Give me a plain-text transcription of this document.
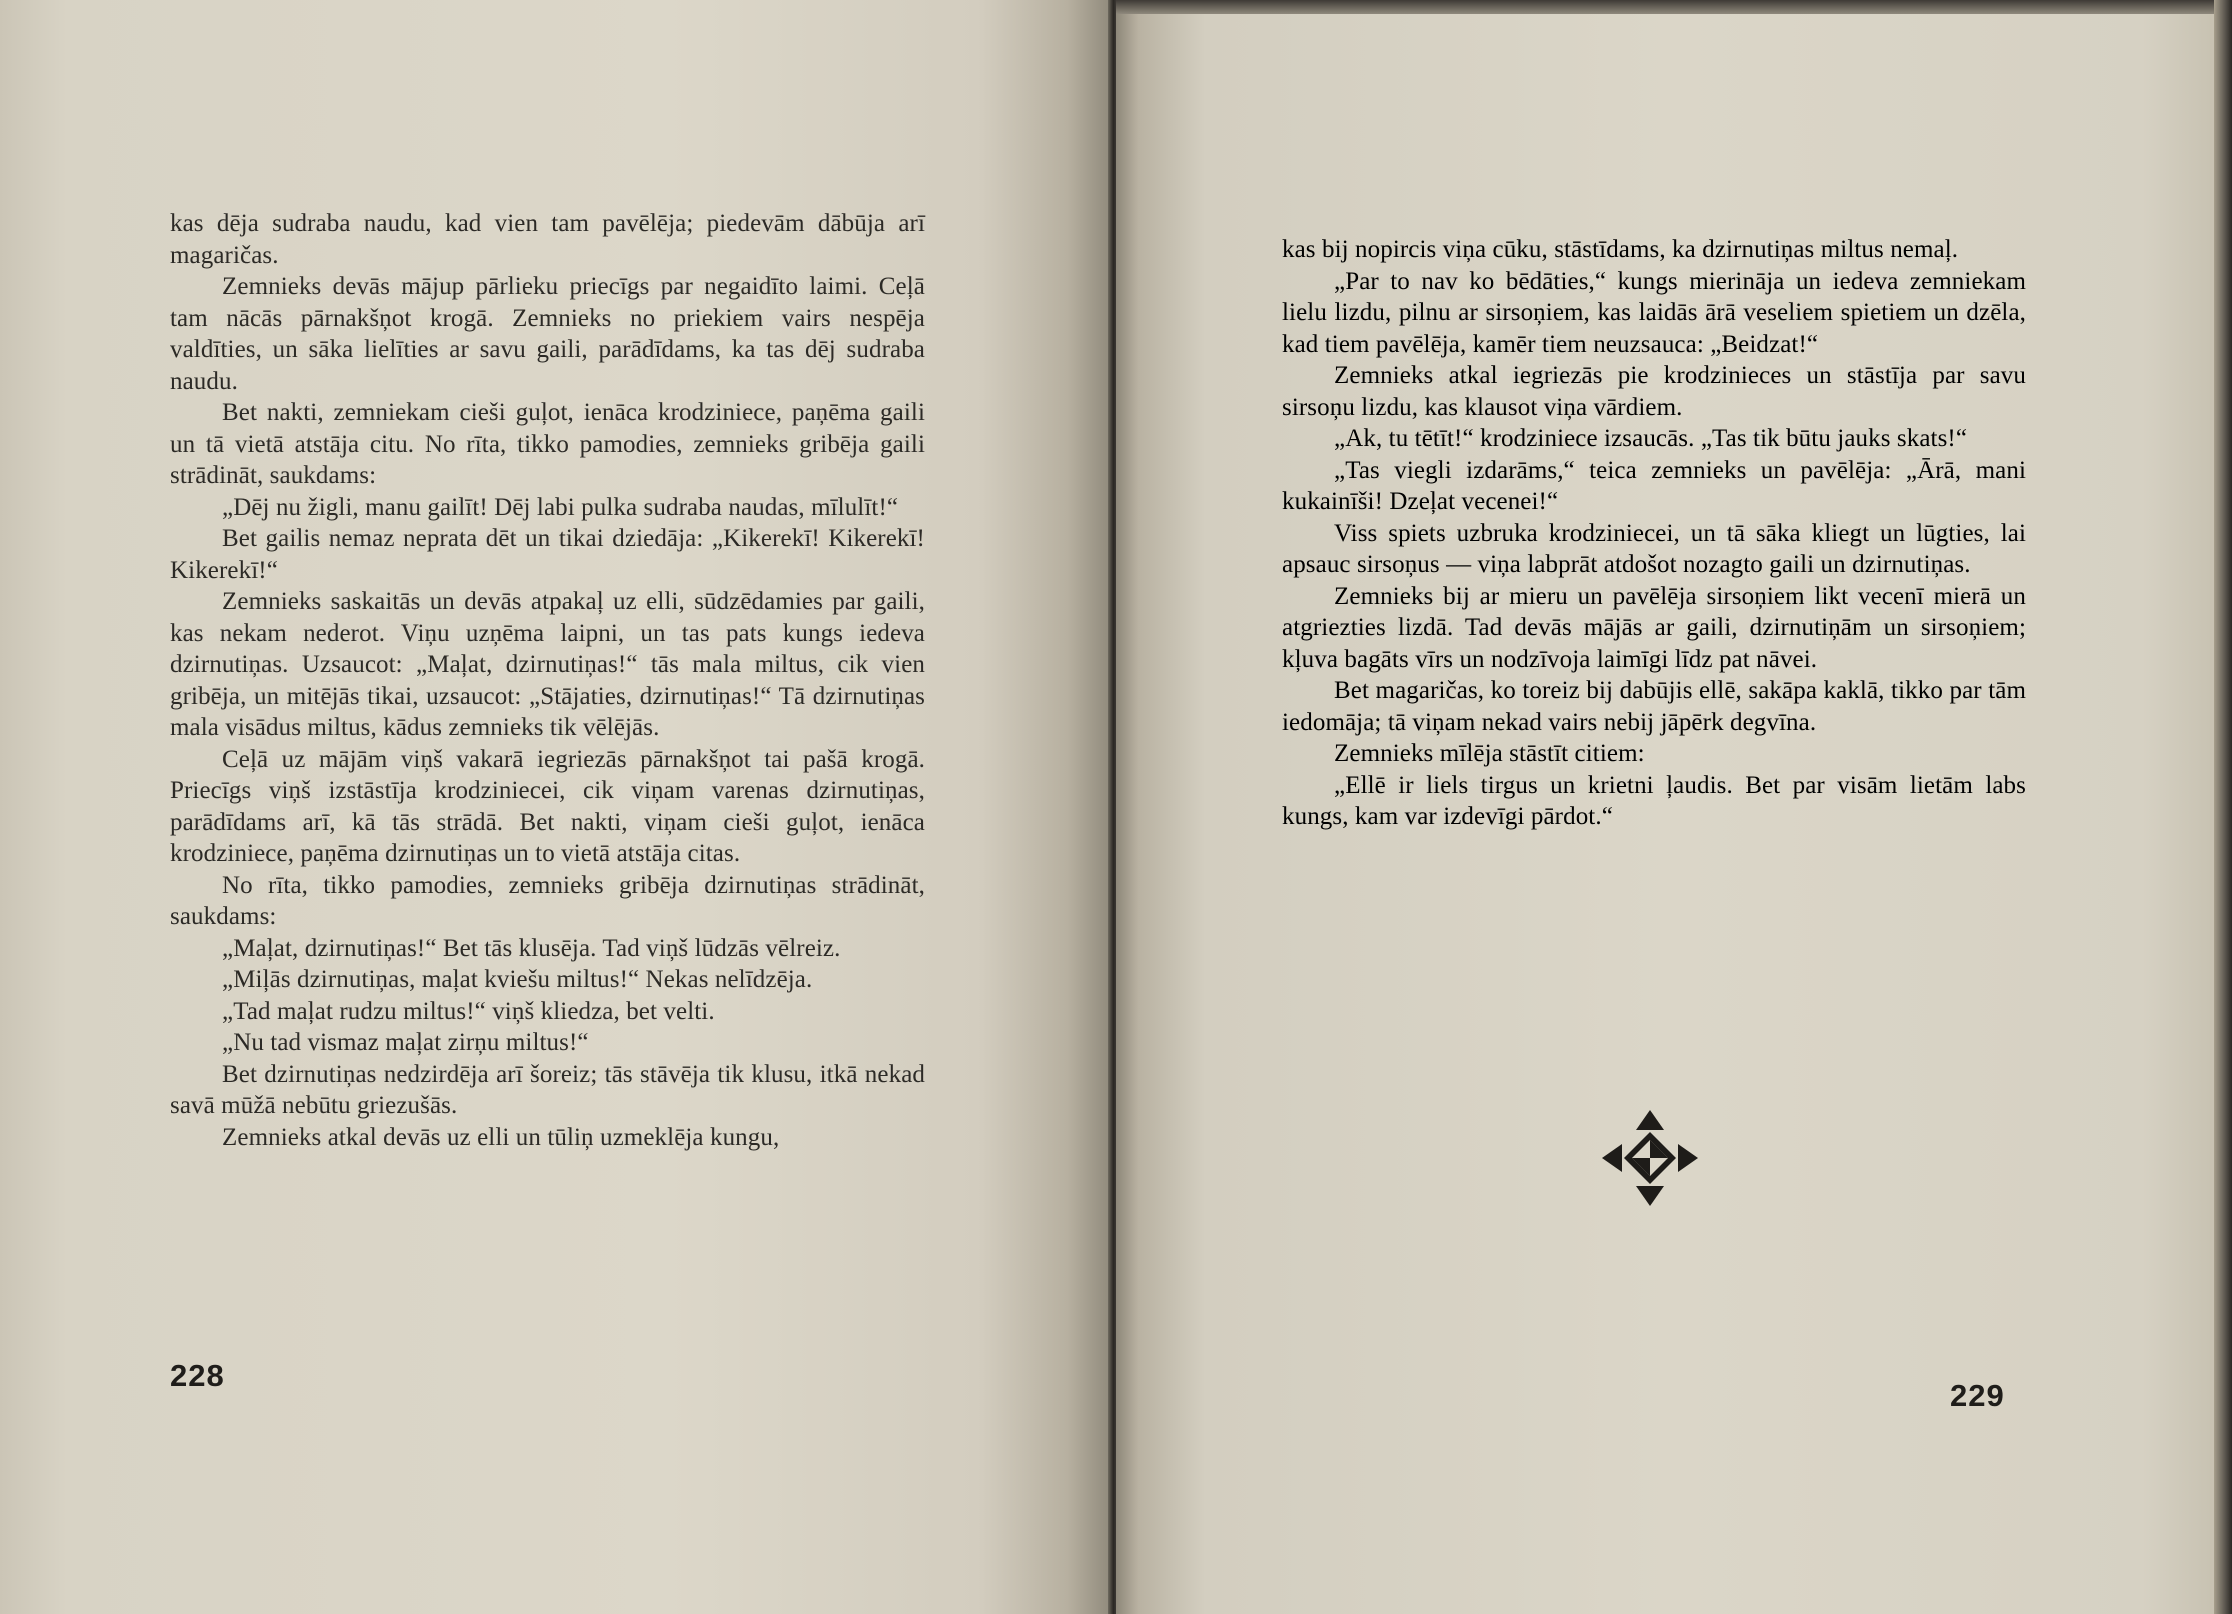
kas dēja sudraba naudu, kad vien tam pavēlēja; piedevām dābūja arī magaričas.

Zemnieks devās mājup pārlieku priecīgs par negaidīto laimi. Ceļā tam nācās pārnakšņot krogā. Zemnieks no priekiem vairs nespēja valdīties, un sāka lielīties ar savu gaili, parādīdams, ka tas dēj sudraba naudu.

Bet nakti, zemniekam cieši guļot, ienāca krodziniece, paņēma gaili un tā vietā atstāja citu. No rīta, tikko pamodies, zemnieks gribēja gaili strādināt, saukdams:

„Dēj nu žigli, manu gailīt! Dēj labi pulka sudraba naudas, mīlulīt!“

Bet gailis nemaz neprata dēt un tikai dziedāja: „Kikerekī! Kikerekī! Kikerekī!“

Zemnieks saskaitās un devās atpakaļ uz elli, sūdzēdamies par gaili, kas nekam nederot. Viņu uzņēma laipni, un tas pats kungs iedeva dzirnutiņas. Uzsaucot: „Maļat, dzirnutiņas!“ tās mala miltus, cik vien gribēja, un mitējās tikai, uzsaucot: „Stājaties, dzirnutiņas!“ Tā dzirnutiņas mala visādus miltus, kādus zemnieks tik vēlējās.

Ceļā uz mājām viņš vakarā iegriezās pārnakšņot tai pašā krogā. Priecīgs viņš izstāstīja krodziniecei, cik viņam varenas dzirnutiņas, parādīdams arī, kā tās strādā. Bet nakti, viņam cieši guļot, ienāca krodziniece, paņēma dzirnutiņas un to vietā atstāja citas.

No rīta, tikko pamodies, zemnieks gribēja dzirnutiņas strādināt, saukdams:

„Maļat, dzirnutiņas!“ Bet tās klusēja. Tad viņš lūdzās vēlreiz.

„Miļās dzirnutiņas, maļat kviešu miltus!“ Nekas nelīdzēja.

„Tad maļat rudzu miltus!“ viņš kliedza, bet velti.

„Nu tad vismaz maļat zirņu miltus!“

Bet dzirnutiņas nedzirdēja arī šoreiz; tās stāvēja tik klusu, itkā nekad savā mūžā nebūtu griezušās.

Zemnieks atkal devās uz elli un tūliņ uzmeklēja kungu,

228

kas bij nopircis viņa cūku, stāstīdams, ka dzirnutiņas miltus nemaļ.

„Par to nav ko bēdāties,“ kungs mierināja un iedeva zemniekam lielu lizdu, pilnu ar sirsoņiem, kas laidās ārā veseliem spietiem un dzēla, kad tiem pavēlēja, kamēr tiem neuzsauca: „Beidzat!“

Zemnieks atkal iegriezās pie krodzinieces un stāstīja par savu sirsoņu lizdu, kas klausot viņa vārdiem.

„Ak, tu tētīt!“ krodziniece izsaucās. „Tas tik būtu jauks skats!“

„Tas viegli izdarāms,“ teica zemnieks un pavēlēja: „Ārā, mani kukainīši! Dzeļat vecenei!“

Viss spiets uzbruka krodziniecei, un tā sāka kliegt un lūgties, lai apsauc sirsoņus — viņa labprāt atdošot nozagto gaili un dzirnutiņas.

Zemnieks bij ar mieru un pavēlēja sirsoņiem likt vecenī mierā un atgriezties lizdā. Tad devās mājās ar gaili, dzirnutiņām un sirsoņiem; kļuva bagāts vīrs un nodzīvoja laimīgi līdz pat nāvei.

Bet magaričas, ko toreiz bij dabūjis ellē, sakāpa kaklā, tikko par tām iedomāja; tā viņam nekad vairs nebij jāpērk degvīna.

Zemnieks mīlēja stāstīt citiem:

„Ellē ir liels tirgus un krietni ļaudis. Bet par visām lietām labs kungs, kam var izdevīgi pārdot.“

229
